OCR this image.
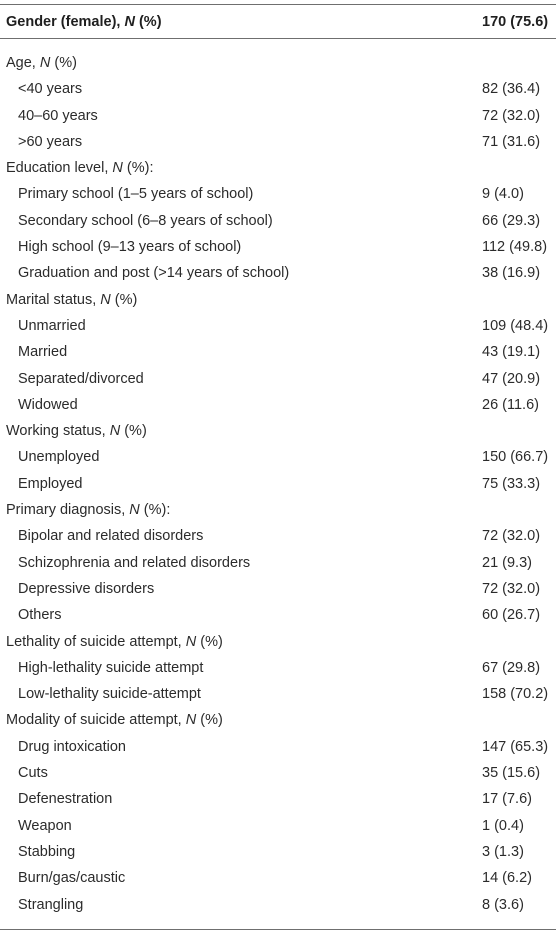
Gender (female), N (%)	170 (75.6)
Age, N (%)
<40 years	82 (36.4)
40–60 years	72 (32.0)
>60 years	71 (31.6)
Education level, N (%):
Primary school (1–5 years of school)	9 (4.0)
Secondary school (6–8 years of school)	66 (29.3)
High school (9–13 years of school)	112 (49.8)
Graduation and post (>14 years of school)	38 (16.9)
Marital status, N (%)
Unmarried	109 (48.4)
Married	43 (19.1)
Separated/divorced	47 (20.9)
Widowed	26 (11.6)
Working status, N (%)
Unemployed	150 (66.7)
Employed	75 (33.3)
Primary diagnosis, N (%):
Bipolar and related disorders	72 (32.0)
Schizophrenia and related disorders	21 (9.3)
Depressive disorders	72 (32.0)
Others	60 (26.7)
Lethality of suicide attempt, N (%)
High-lethality suicide attempt	67 (29.8)
Low-lethality suicide-attempt	158 (70.2)
Modality of suicide attempt, N (%)
Drug intoxication	147 (65.3)
Cuts	35 (15.6)
Defenestration	17 (7.6)
Weapon	1 (0.4)
Stabbing	3 (1.3)
Burn/gas/caustic	14 (6.2)
Strangling	8 (3.6)
